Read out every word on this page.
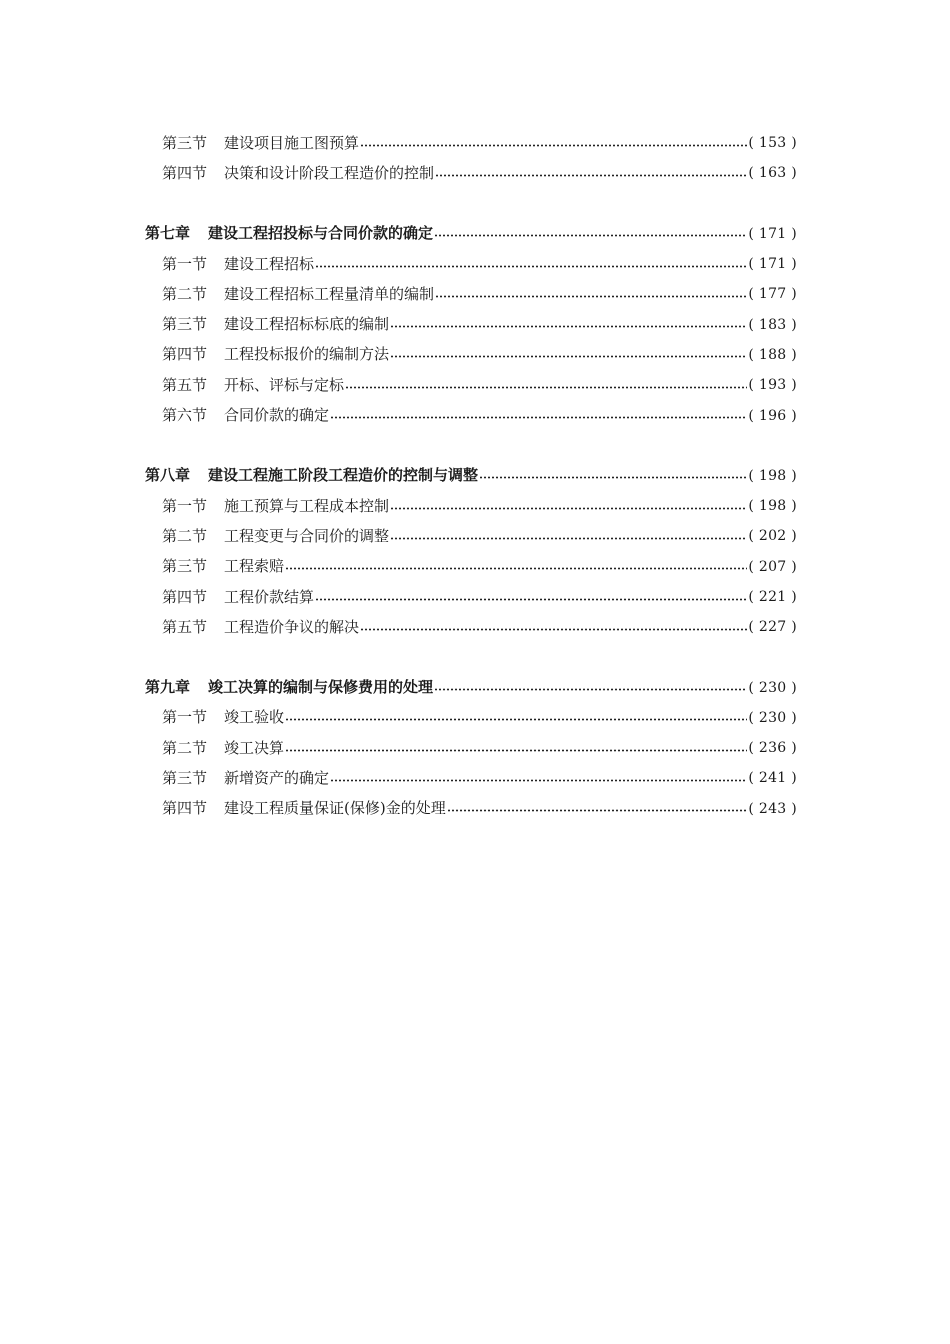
第三节 建设项目施工图预算	( 153 )
第四节 决策和设计阶段工程造价的控制	( 163 )
第七章 建设工程招投标与合同价款的确定	( 171 )
第一节 建设工程招标	( 171 )
第二节 建设工程招标工程量清单的编制	( 177 )
第三节 建设工程招标标底的编制	( 183 )
第四节 工程投标报价的编制方法	( 188 )
第五节 开标、评标与定标	( 193 )
第六节 合同价款的确定	( 196 )
第八章 建设工程施工阶段工程造价的控制与调整	( 198 )
第一节 施工预算与工程成本控制	( 198 )
第二节 工程变更与合同价的调整	( 202 )
第三节 工程索赔	( 207 )
第四节 工程价款结算	( 221 )
第五节 工程造价争议的解决	( 227 )
第九章 竣工决算的编制与保修费用的处理	( 230 )
第一节 竣工验收	( 230 )
第二节 竣工决算	( 236 )
第三节 新增资产的确定	( 241 )
第四节 建设工程质量保证(保修)金的处理	( 243 )
